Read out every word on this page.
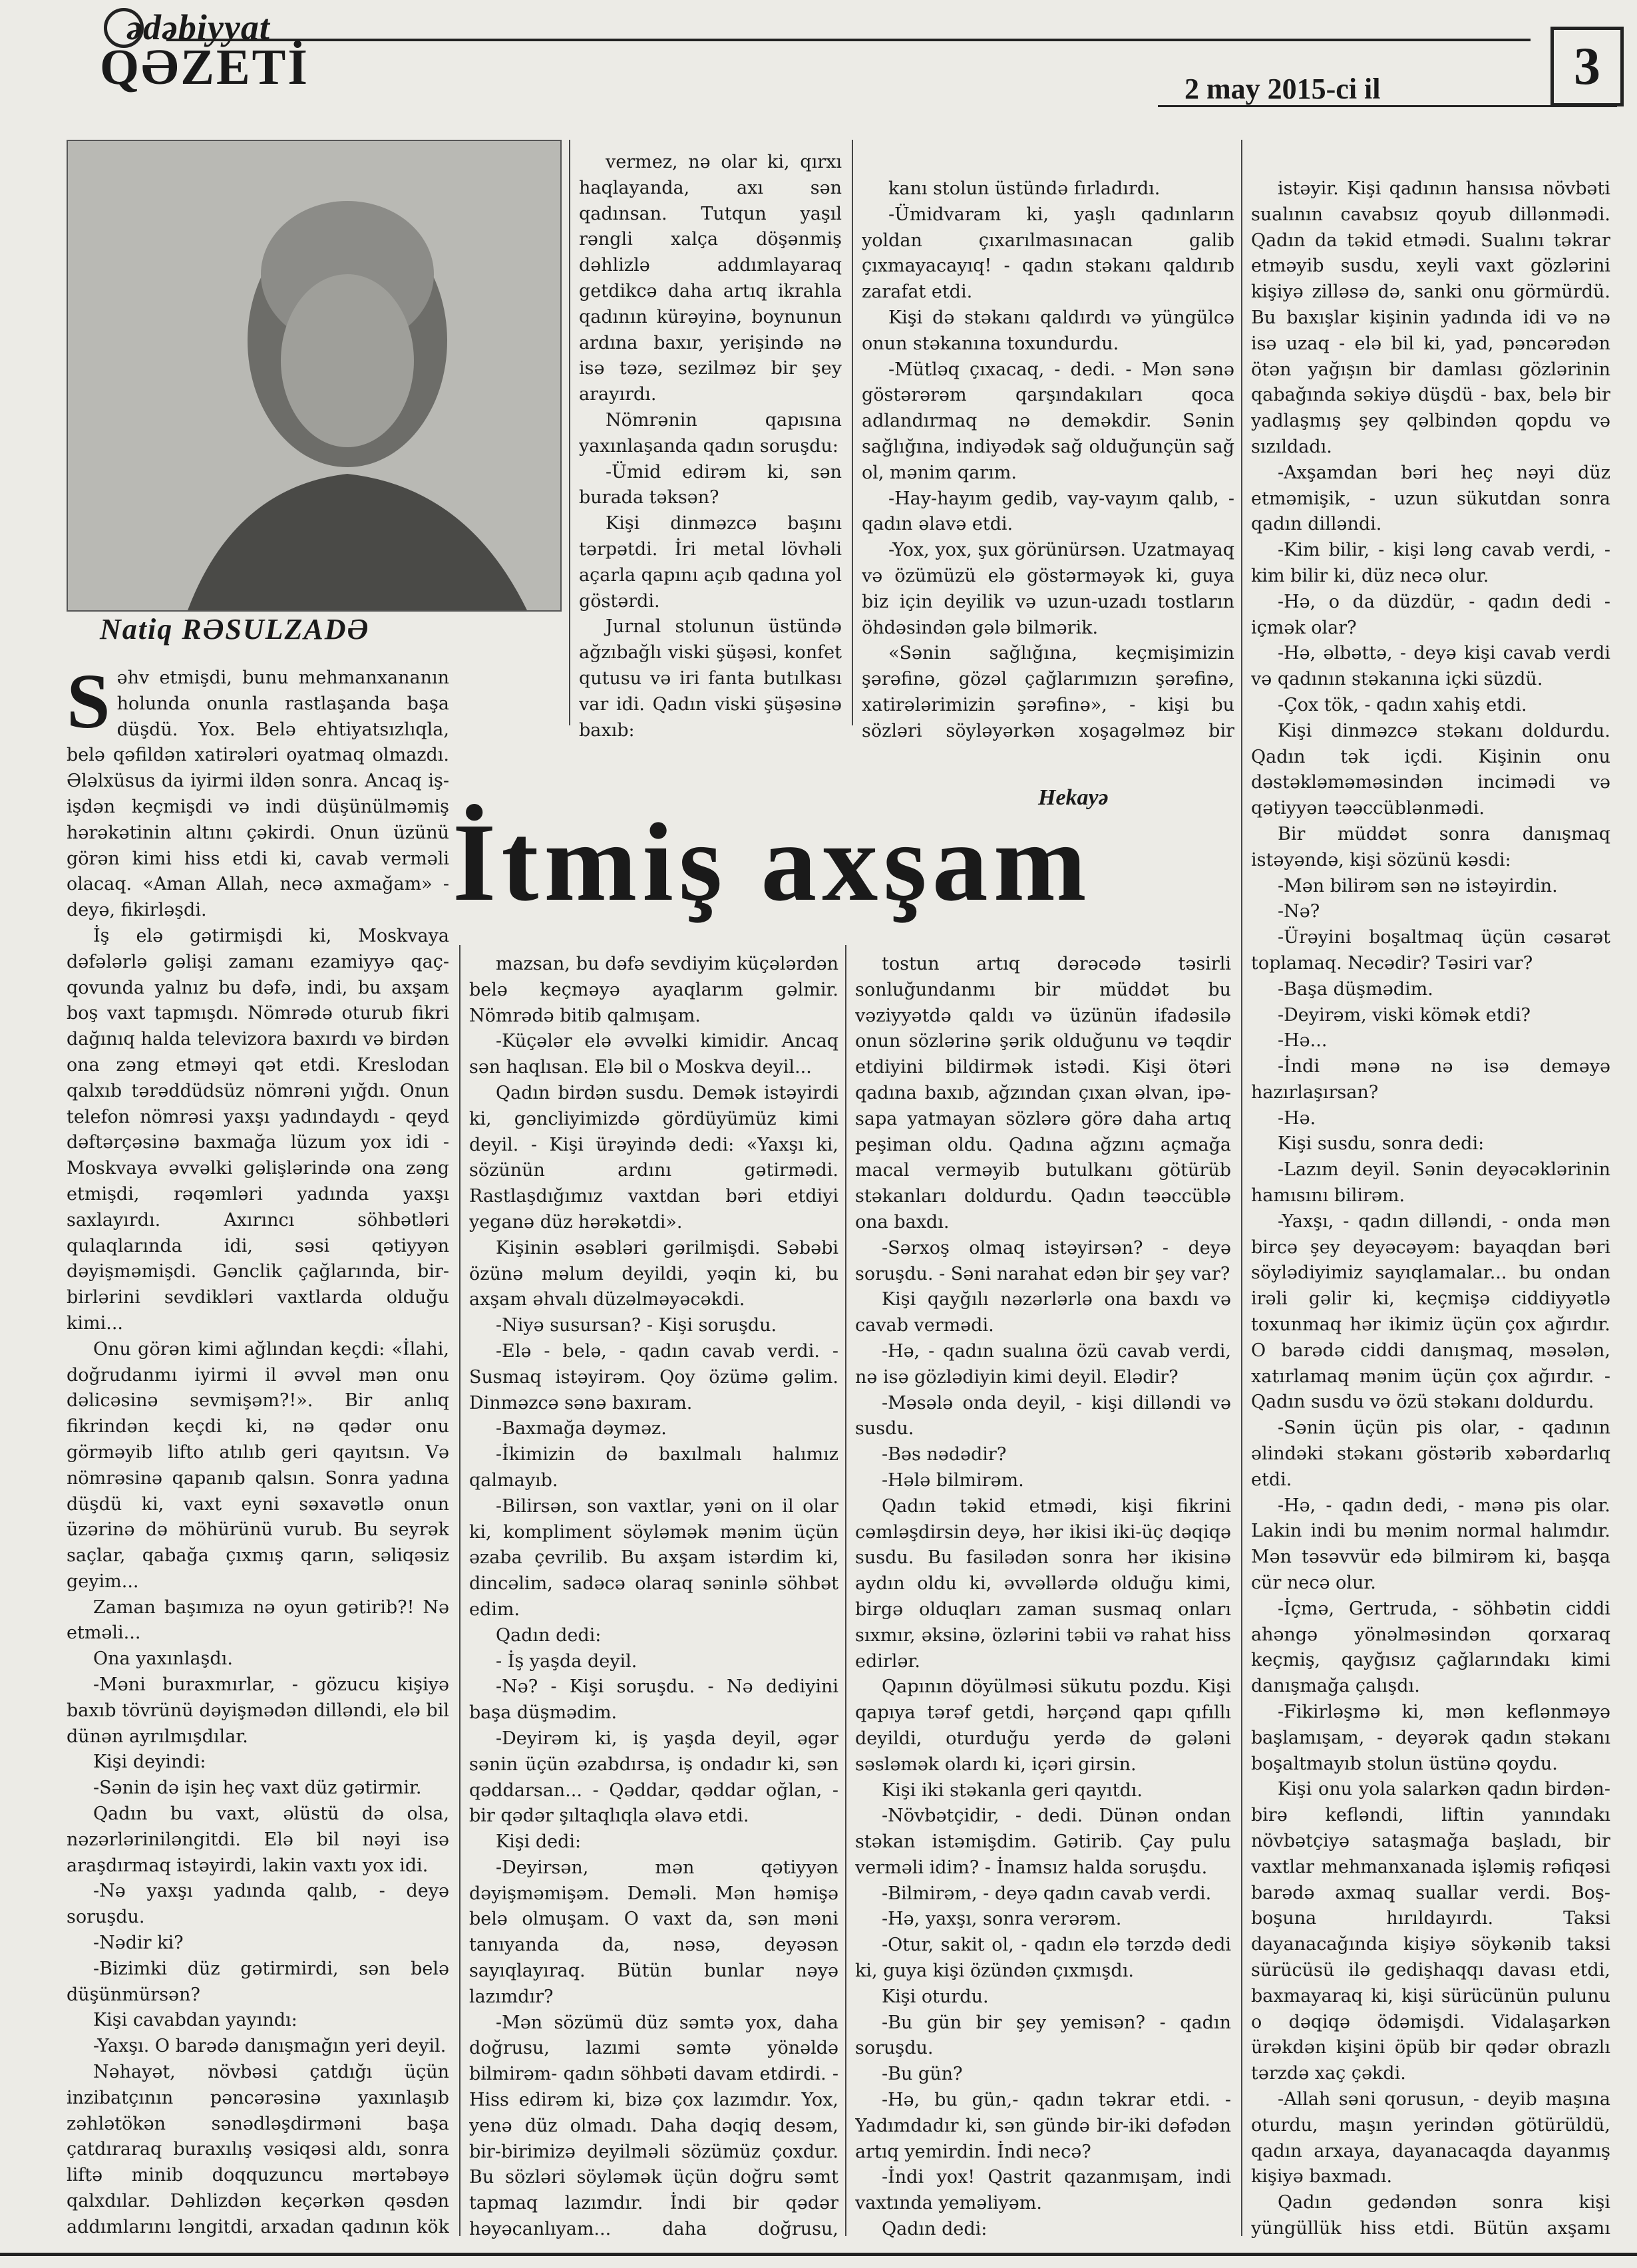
ədəbiyyat
QƏZETİ	2 may 2015-ci il	3
Natiq RƏSULZADƏ

vermez, nə olar ki, qırxı haqlayanda, axı sən qadınsan. Tutqun yaşıl rəngli xalça döşənmiş dəhlizlə addımlayaraq getdikcə daha artıq ikrahla qadının kürəyinə, boynunun ardına baxır, yerişində nə isə təzə, sezilməz bir şey arayırdı.

Nömrənin qapısına yaxınlaşanda qadın soruşdu:

-Ümid edirəm ki, sən burada təksən?

Kişi dinməzcə başını tərpətdi. İri metal lövhəli açarla qapını açıb qadına yol göstərdi.

Jurnal stolunun üstündə ağzıbağlı viski şüşəsi, konfet qutusu və iri fanta butılkası var idi. Qadın viski şüşəsinə baxıb:

kanı stolun üstündə fırladırdı.

-Ümidvaram ki, yaşlı qadınların yoldan çıxarılmasınacan galib çıxmayacayıq! - qadın stəkanı qaldırıb zarafat etdi.

Kişi də stəkanı qaldırdı və yüngülcə onun stəkanına toxundurdu.

-Mütləq çıxacaq, - dedi. - Mən sənə göstərərəm qarşındakıları qoca adlandırmaq nə deməkdir. Sənin sağlığına, indiyədək sağ olduğunçün sağ ol, mənim qarım.

-Hay-hayım gedib, vay-vayım qalıb, - qadın əlavə etdi.

-Yox, yox, şux görünürsən. Uzatmayaq və özümüzü elə göstərməyək ki, guya biz için deyilik və uzun-uzadı tostların öhdəsindən gələ bilmərik.

«Sənin sağlığına, keçmişimizin şərəfinə, gözəl çağlarımızın şərəfinə, xatirələrimizin şərəfinə», - kişi bu sözləri söyləyərkən xoşagəlməz bir

istəyir. Kişi qadının hansısa növbəti sualının cavabsız qoyub dillənmədi. Qadın da təkid etmədi. Sualını təkrar etməyib susdu, xeyli vaxt gözlərini kişiyə zilləsə də, sanki onu görmürdü. Bu baxışlar kişinin yadında idi və nə isə uzaq - elə bil ki, yad, pəncərədən ötən yağışın bir damlası gözlərinin qabağında səkiyə düşdü - bax, belə bir yadlaşmış şey qəlbindən qopdu və sızıldadı.

-Axşamdan bəri heç nəyi düz etməmişik, - uzun sükutdan sonra qadın dilləndi.

-Kim bilir, - kişi ləng cavab verdi, - kim bilir ki, düz necə olur.

-Hə, o da düzdür, - qadın dedi - içmək olar?

-Hə, əlbəttə, - deyə kişi cavab verdi və qadının stəkanına içki süzdü.

-Çox tök, - qadın xahiş etdi.

Kişi dinməzcə stəkanı doldurdu. Qadın tək içdi. Kişinin onu dəstəkləməməsindən incimədi və qətiyyən təəccüblənmədi.

Bir müddət sonra danışmaq istəyəndə, kişi sözünü kəsdi:

-Mən bilirəm sən nə istəyirdin.

-Nə?

-Ürəyini boşaltmaq üçün cəsarət toplamaq. Necədir? Təsiri var?

-Başa düşmədim.

-Deyirəm, viski kömək etdi?

-Hə...

-İndi mənə nə isə deməyə hazırlaşırsan?

-Hə.

Kişi susdu, sonra dedi:

-Lazım deyil. Sənin deyəcəklərinin hamısını bilirəm.

-Yaxşı, - qadın dilləndi, - onda mən bircə şey deyəcəyəm: bayaqdan bəri söylədiyimiz sayıqlamalar... bu ondan irəli gəlir ki, keçmişə ciddiyyətlə toxunmaq hər ikimiz üçün çox ağırdır. O barədə ciddi danışmaq, məsələn, xatırlamaq mənim üçün çox ağırdır. - Qadın susdu və özü stəkanı doldurdu.

-Sənin üçün pis olar, - qadının əlindəki stəkanı göstərib xəbərdarlıq etdi.

-Hə, - qadın dedi, - mənə pis olar. Lakin indi bu mənim normal halımdır. Mən təsəvvür edə bilmirəm ki, başqa cür necə olur.

-İçmə, Gertruda, - söhbətin ciddi ahəngə yönəlməsindən qorxaraq keçmiş, qayğısız çağlarındakı kimi danışmağa çalışdı.

-Fikirləşmə ki, mən keflənməyə başlamışam, - deyərək qadın stəkanı boşaltmayıb stolun üstünə qoydu.

Kişi onu yola salarkən qadın birdən-birə kefləndi, liftin yanındakı növbətçiyə sataşmağa başladı, bir vaxtlar mehmanxanada işləmiş rəfiqəsi barədə axmaq suallar verdi. Boş-boşuna hırıldayırdı. Taksi dayanacağında kişiyə söykənib taksi sürücüsü ilə gedişhaqqı davası etdi, baxmayaraq ki, kişi sürücünün pulunu o dəqiqə ödəmişdi. Vidalaşarkən ürəkdən kişini öpüb bir qədər obrazlı tərzdə xaç çəkdi.

-Allah səni qorusun, - deyib maşına oturdu, maşın yerindən götürüldü, qadın arxaya, dayanacaqda dayanmış kişiyə baxmadı.

Qadın gedəndən sonra kişi yüngüllük hiss etdi. Bütün axşamı

S əhv etmişdi, bunu mehmanxananın holunda onunla rastlaşanda başa düşdü. Yox. Belə ehtiyatsızlıqla, belə qəfildən xatirələri oyatmaq olmazdı. Ələlxüsus da iyirmi ildən sonra. Ancaq iş-işdən keçmişdi və indi düşünülməmiş hərəkətinin altını çəkirdi. Onun üzünü görən kimi hiss etdi ki, cavab verməli olacaq. «Aman Allah, necə axmağam» - deyə, fikirləşdi.

İş elə gətirmişdi ki, Moskvaya dəfələrlə gəlişi zamanı ezamiyyə qaç-qovunda yalnız bu dəfə, indi, bu axşam boş vaxt tapmışdı. Nömrədə oturub fikri dağınıq halda televizora baxırdı və birdən ona zəng etməyi qət etdi. Kreslodan qalxıb tərəddüdsüz nömrəni yığdı. Onun telefon nömrəsi yaxşı yadındaydı - qeyd dəftərçəsinə baxmağa lüzum yox idi - Moskvaya əvvəlki gəlişlərində ona zəng etmişdi, rəqəmləri yadında yaxşı saxlayırdı. Axırıncı söhbətləri qulaqlarında idi, səsi qətiyyən dəyişməmişdi. Gənclik çağlarında, bir-birlərini sevdikləri vaxtlarda olduğu kimi...

Onu görən kimi ağlından keçdi: «İlahi, doğrudanmı iyirmi il əvvəl mən onu dəlicəsinə sevmişəm?!». Bir anlıq fikrindən keçdi ki, nə qədər onu görməyib lifto atılıb geri qayıtsın. Və nömrəsinə qapanıb qalsın. Sonra yadına düşdü ki, vaxt eyni səxavətlə onun üzərinə də möhürünü vurub. Bu seyrək saçlar, qabağa çıxmış qarın, səliqəsiz geyim...

Zaman başımıza nə oyun gətirib?! Nə etməli...

Ona yaxınlaşdı.

-Məni buraxmırlar, - gözucu kişiyə baxıb tövrünü dəyişmədən dilləndi, elə bil dünən ayrılmışdılar.

Kişi deyindi:

-Sənin də işin heç vaxt düz gətirmir.

Qadın bu vaxt, əlüstü də olsa, nəzərləriniləngitdi. Elə bil nəyi isə araşdırmaq istəyirdi, lakin vaxtı yox idi.

-Nə yaxşı yadında qalıb, - deyə soruşdu.

-Nədir ki?

-Bizimki düz gətirmirdi, sən belə düşünmürsən?

Kişi cavabdan yayındı:

-Yaxşı. O barədə danışmağın yeri deyil.

Nəhayət, növbəsi çatdığı üçün inzibatçının pəncərəsinə yaxınlaşıb zəhlətökən sənədləşdirməni başa çatdıraraq buraxılış vəsiqəsi aldı, sonra liftə minib doqquzuncu mərtəbəyə qalxdılar. Dəhlizdən keçərkən qəsdən addımlarını ləngitdi, arxadan qadının kök

Hekayə
İtmiş axşam

mazsan, bu dəfə sevdiyim küçələrdən belə keçməyə ayaqlarım gəlmir. Nömrədə bitib qalmışam.

-Küçələr elə əvvəlki kimidir. Ancaq sən haqlısan. Elə bil o Moskva deyil...

Qadın birdən susdu. Demək istəyirdi ki, gəncliyimizdə gördüyümüz kimi deyil. - Kişi ürəyində dedi: «Yaxşı ki, sözünün ardını gətirmədi. Rastlaşdığımız vaxtdan bəri etdiyi yeganə düz hərəkətdi».

Kişinin əsəbləri gərilmişdi. Səbəbi özünə məlum deyildi, yəqin ki, bu axşam əhvalı düzəlməyəcəkdi.

-Niyə susursan? - Kişi soruşdu.

-Elə - belə, - qadın cavab verdi. - Susmaq istəyirəm. Qoy özümə gəlim. Dinməzcə sənə baxıram.

-Baxmağa dəyməz.

-İkimizin də baxılmalı halımız qalmayıb.

-Bilirsən, son vaxtlar, yəni on il olar ki, kompliment söyləmək mənim üçün əzaba çevrilib. Bu axşam istərdim ki, dincəlim, sadəcə olaraq səninlə söhbət edim.

Qadın dedi:

- İş yaşda deyil.

-Nə? - Kişi soruşdu. - Nə dediyini başa düşmədim.

-Deyirəm ki, iş yaşda deyil, əgər sənin üçün əzabdırsa, iş ondadır ki, sən qəddarsan... - Qəddar, qəddar oğlan, - bir qədər şıltaqlıqla əlavə etdi.

Kişi dedi:

-Deyirsən, mən qətiyyən dəyişməmişəm. Deməli. Mən həmişə belə olmuşam. O vaxt da, sən məni tanıyanda da, nəsə, deyəsən sayıqlayıraq. Bütün bunlar nəyə lazımdır?

-Mən sözümü düz səmtə yox, daha doğrusu, lazımi səmtə yönəldə bilmirəm- qadın söhbəti davam etdirdi. -Hiss edirəm ki, bizə çox lazımdır. Yox, yenə düz olmadı. Daha dəqiq desəm, bir-birimizə deyilməli sözümüz çoxdur. Bu sözləri söyləmək üçün doğru səmt tapmaq lazımdır. İndi bir qədər həyəcanlıyam... daha doğrusu,

tostun artıq dərəcədə təsirli sonluğundanmı bir müddət bu vəziyyətdə qaldı və üzünün ifadəsilə onun sözlərinə şərik olduğunu və təqdir etdiyini bildirmək istədi. Kişi ötəri qadına baxıb, ağzından çıxan əlvan, ipə-sapa yatmayan sözlərə görə daha artıq peşiman oldu. Qadına ağzını açmağa macal verməyib butulkanı götürüb stəkanları doldurdu. Qadın təəccüblə ona baxdı.

-Sərxoş olmaq istəyirsən? - deyə soruşdu. - Səni narahat edən bir şey var?

Kişi qayğılı nəzərlərlə ona baxdı və cavab vermədi.

-Hə, - qadın sualına özü cavab verdi, nə isə gözlədiyin kimi deyil. Elədir?

-Məsələ onda deyil, - kişi dilləndi və susdu.

-Bəs nədədir?

-Hələ bilmirəm.

Qadın təkid etmədi, kişi fikrini cəmləşdirsin deyə, hər ikisi iki-üç dəqiqə susdu. Bu fasilədən sonra hər ikisinə aydın oldu ki, əvvəllərdə olduğu kimi, birgə olduqları zaman susmaq onları sıxmır, əksinə, özlərini təbii və rahat hiss edirlər.

Qapının döyülməsi sükutu pozdu. Kişi qapıya tərəf getdi, hərçənd qapı qıfıllı deyildi, oturduğu yerdə də gələni səsləmək olardı ki, içəri girsin.

Kişi iki stəkanla geri qayıtdı.

-Növbətçidir, - dedi. Dünən ondan stəkan istəmişdim. Gətirib. Çay pulu verməli idim? - İnamsız halda soruşdu.

-Bilmirəm, - deyə qadın cavab verdi.

-Hə, yaxşı, sonra verərəm.

-Otur, sakit ol, - qadın elə tərzdə dedi ki, guya kişi özündən çıxmışdı.

Kişi oturdu.

-Bu gün bir şey yemisən? - qadın soruşdu.

-Bu gün?

-Hə, bu gün,- qadın təkrar etdi. - Yadımdadır ki, sən gündə bir-iki dəfədən artıq yemirdin. İndi necə?

-İndi yox! Qastrit qazanmışam, indi vaxtında yeməliyəm.

Qadın dedi:
